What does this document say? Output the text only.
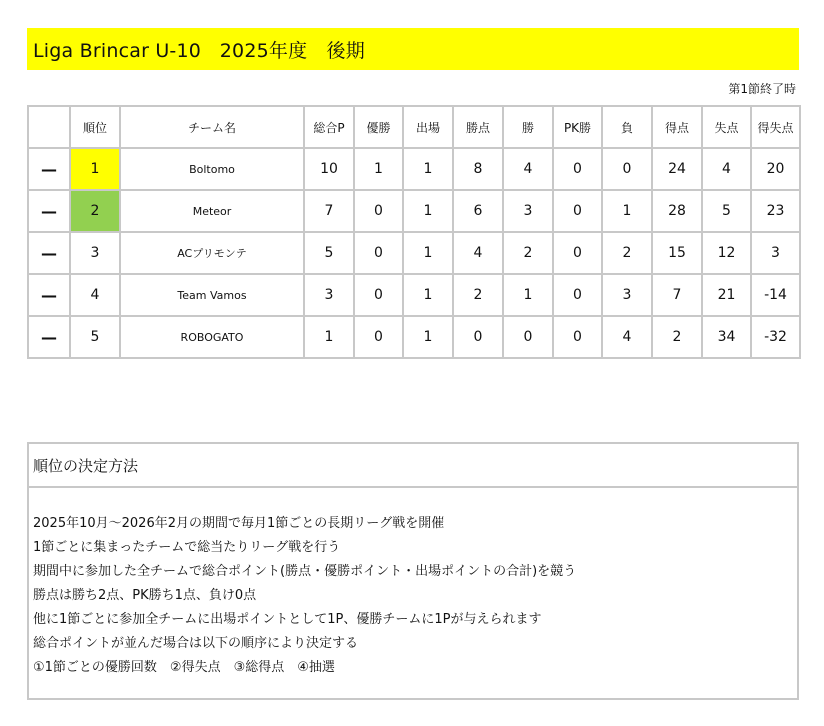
Liga Brincar U-10   2025年度　後期
第1節終了時
	順位	チーム名	総合P	優勝	出場	勝点	勝	PK勝	負	得点	失点	得失点
—	1	Boltomo	10	1	1	8	4	0	0	24	4	20
—	2	Meteor	7	0	1	6	3	0	1	28	5	23
—	3	ACプリモンテ	5	0	1	4	2	0	2	15	12	3
—	4	Team Vamos	3	0	1	2	1	0	3	7	21	-14
—	5	ROBOGATO	1	0	1	0	0	0	4	2	34	-32
順位の決定方法
2025年10月～2026年2月の期間で毎月1節ごとの長期リーグ戦を開催
1節ごとに集まったチームで総当たりリーグ戦を行う
期間中に参加した全チームで総合ポイント(勝点・優勝ポイント・出場ポイントの合計)を競う
勝点は勝ち2点、PK勝ち1点、負け0点
他に1節ごとに参加全チームに出場ポイントとして1P、優勝チームに1Pが与えられます
総合ポイントが並んだ場合は以下の順序により決定する
①1節ごとの優勝回数　②得失点　③総得点　④抽選
